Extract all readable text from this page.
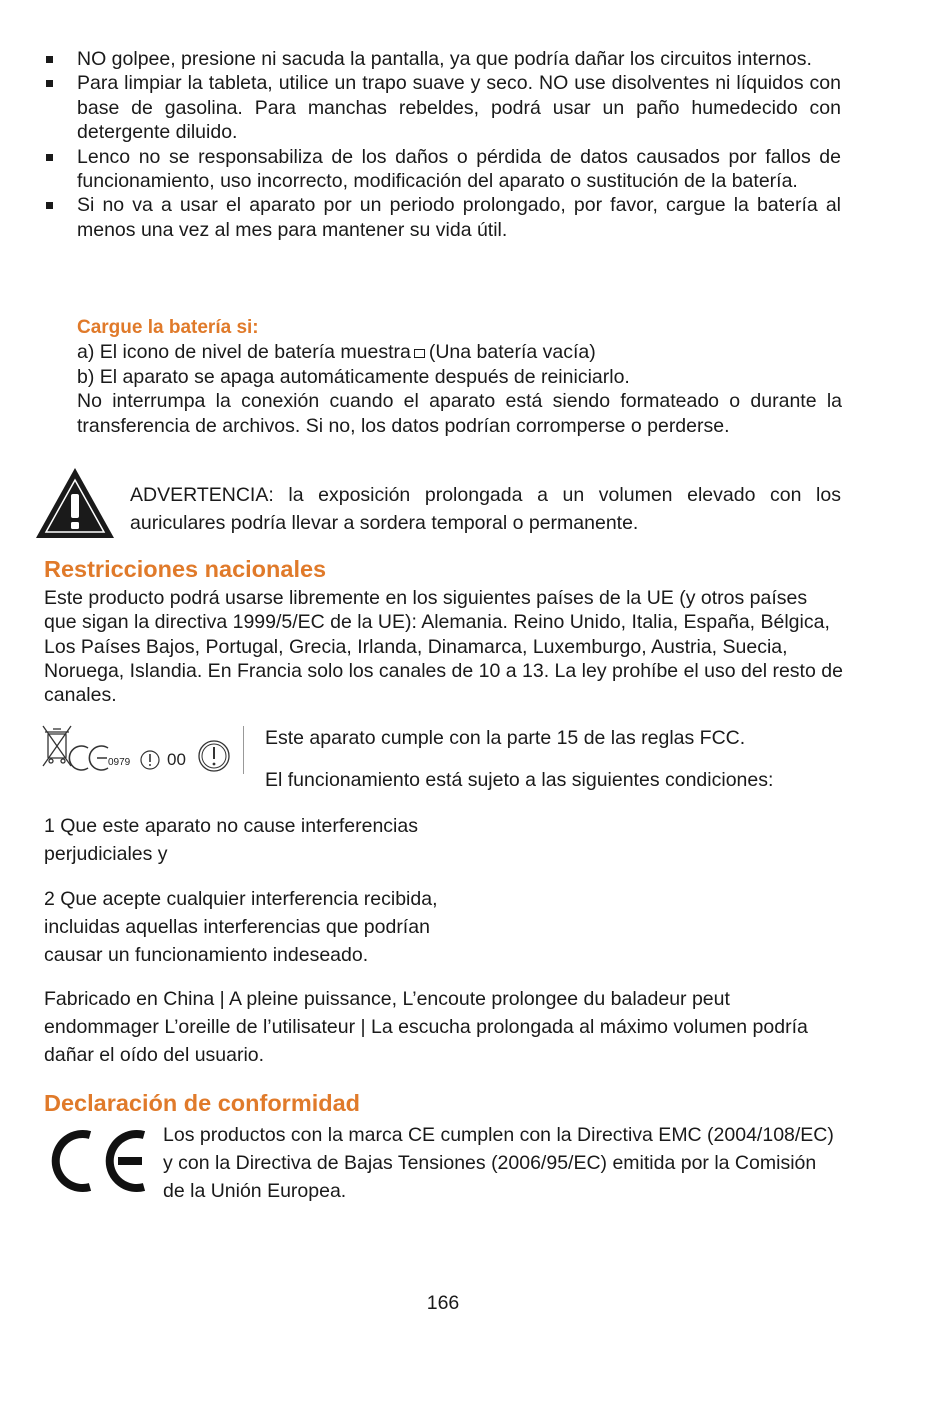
NO golpee, presione ni sacuda la pantalla, ya que podría dañar los circuitos internos.
Para limpiar la tableta, utilice un trapo suave y seco. NO use disolventes ni líquidos con base de gasolina. Para manchas rebeldes, podrá usar un paño humedecido con detergente diluido.
Lenco no se responsabiliza de los daños o pérdida de datos causados por fallos de funcionamiento, uso incorrecto, modificación del aparato o sustitución de la batería.
Si no va a usar el aparato por un periodo prolongado, por favor, cargue la batería al menos una vez al mes para mantener su vida útil.

Cargue la batería si:

a) El icono de nivel de batería muestra (Una batería vacía)

b) El aparato se apaga automáticamente después de reiniciarlo.

No interrumpa la conexión cuando el aparato está siendo formateado o durante la transferencia de archivos. Si no, los datos podrían corromperse o perderse.

ADVERTENCIA: la exposición prolongada a un volumen elevado con los auriculares podría llevar a sordera temporal o permanente.

Restricciones nacionales

Este producto podrá usarse libremente en los siguientes países de la UE (y otros países que sigan la directiva 1999/5/EC de la UE): Alemania. Reino Unido, Italia, España, Bélgica, Los Países Bajos, Portugal, Grecia, Irlanda, Dinamarca, Luxemburgo, Austria, Suecia, Noruega, Islandia. En Francia solo los canales de 10 a 13. La ley prohíbe el uso del resto de canales.

0979 00

Este aparato cumple con la parte 15 de las reglas FCC.

El funcionamiento está sujeto a las siguientes condiciones:

1 Que este aparato no cause interferencias perjudiciales y

2 Que acepte cualquier interferencia recibida, incluidas aquellas interferencias que podrían causar un funcionamiento indeseado.

Fabricado en China | A pleine puissance, L’encoute prolongee du baladeur peut endommager L’oreille de l’utilisateur | La escucha prolongada al máximo volumen podría dañar el oído del usuario.

Declaración de conformidad

Los productos con la marca CE cumplen con la Directiva EMC (2004/108/EC) y con la Directiva de Bajas Tensiones (2006/95/EC) emitida por la Comisión de la Unión Europea.

166
